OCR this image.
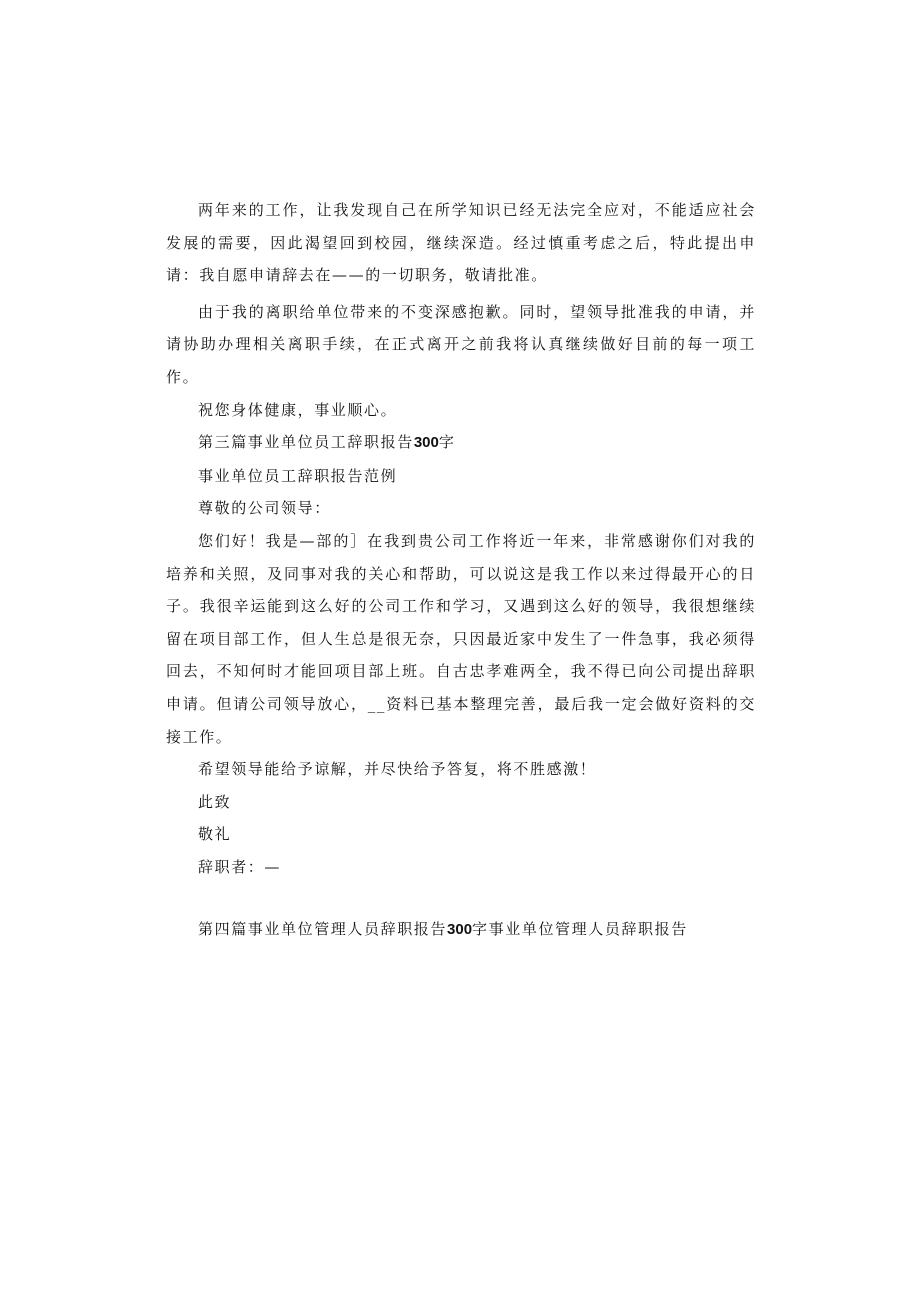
两年来的工作，让我发现自己在所学知识已经无法完全应对，不能适应社会发展的需要，因此渴望回到校园，继续深造。经过慎重考虑之后，特此提出申请：我自愿申请辞去在——的一切职务，敬请批准。

由于我的离职给单位带来的不变深感抱歉。同时，望领导批准我的申请，并请协助办理相关离职手续，在正式离开之前我将认真继续做好目前的每一项工作。

祝您身体健康，事业顺心。

第三篇事业单位员工辞职报告300字

事业单位员工辞职报告范例

尊敬的公司领导：

您们好！我是—部的］在我到贵公司工作将近一年来，非常感谢你们对我的培养和关照，及同事对我的关心和帮助，可以说这是我工作以来过得最开心的日子。我很辛运能到这么好的公司工作和学习，又遇到这么好的领导，我很想继续留在项目部工作，但人生总是很无奈，只因最近家中发生了一件急事，我必须得回去，不知何时才能回项目部上班。自古忠孝难两全，我不得已向公司提出辞职申请。但请公司领导放心，__资料已基本整理完善，最后我一定会做好资料的交接工作。

希望领导能给予谅解，并尽快给予答复，将不胜感激！

此致

敬礼

辞职者：—

第四篇事业单位管理人员辞职报告300字事业单位管理人员辞职报告
